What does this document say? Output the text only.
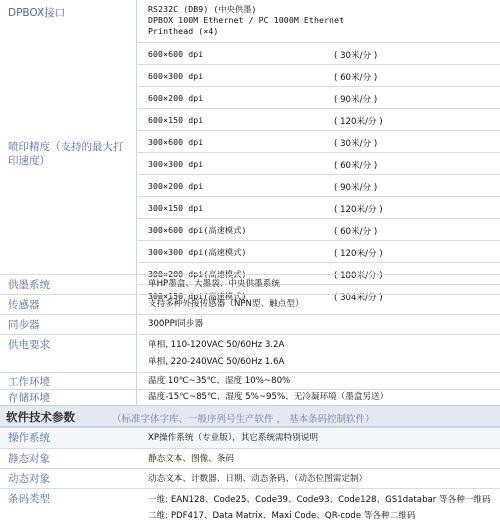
DPBOX接口	RS232C (DB9) (中央供墨)
DPBOX 100M Ethernet / PC 1000M Ethernet
Printhead (×4)
喷印精度（支持的最大打印速度）
600×600 dpi	( 30米/分 )
600×300 dpi	( 60米/分 )
600×200 dpi	( 90米/分 )
600×150 dpi	( 120米/分 )
300×600 dpi	( 30米/分 )
300×300 dpi	( 60米/分 )
300×200 dpi	( 90米/分 )
300×150 dpi	( 120米/分 )
300×600 dpi(高速模式)	( 60米/分 )
300×300 dpi(高速模式)	( 120米/分 )
300×200 dpi(高速模式)	( 180米/分 )
300×150 dpi(高速模式)	( 304米/分 )
供墨系统	单HP墨盒、大墨袋、中央供墨系统
传感器	支持多种外接传感器（NPN型、触点型）
同步器	300PPI同步器
供电要求	单相, 110-120VAC 50/60Hz 3.2A
单相, 220-240VAC 50/60Hz 1.6A
工作环境	温度 10℃~35℃、湿度 10%~80%
存储环境	温度-15℃~85℃、湿度 5%~95%、无冷凝环境（墨盒另送）
软件技术参数	（标准字体字库、一般序列号生产软件 ， 基本条码控制软件）
操作系统	XP操作系统（专业版），其它系统需特别说明
静态对象	静态文本、图像、条码
动态对象	动态文本、计数器、日期、动态条码、（动态位图需定制）
条码类型	一维: EAN128、Code25、Code39、Code93、Code128、GS1databar 等各种一维码
二维: PDF417、Data Matrix、Maxi Code、QR-code 等各种二维码
